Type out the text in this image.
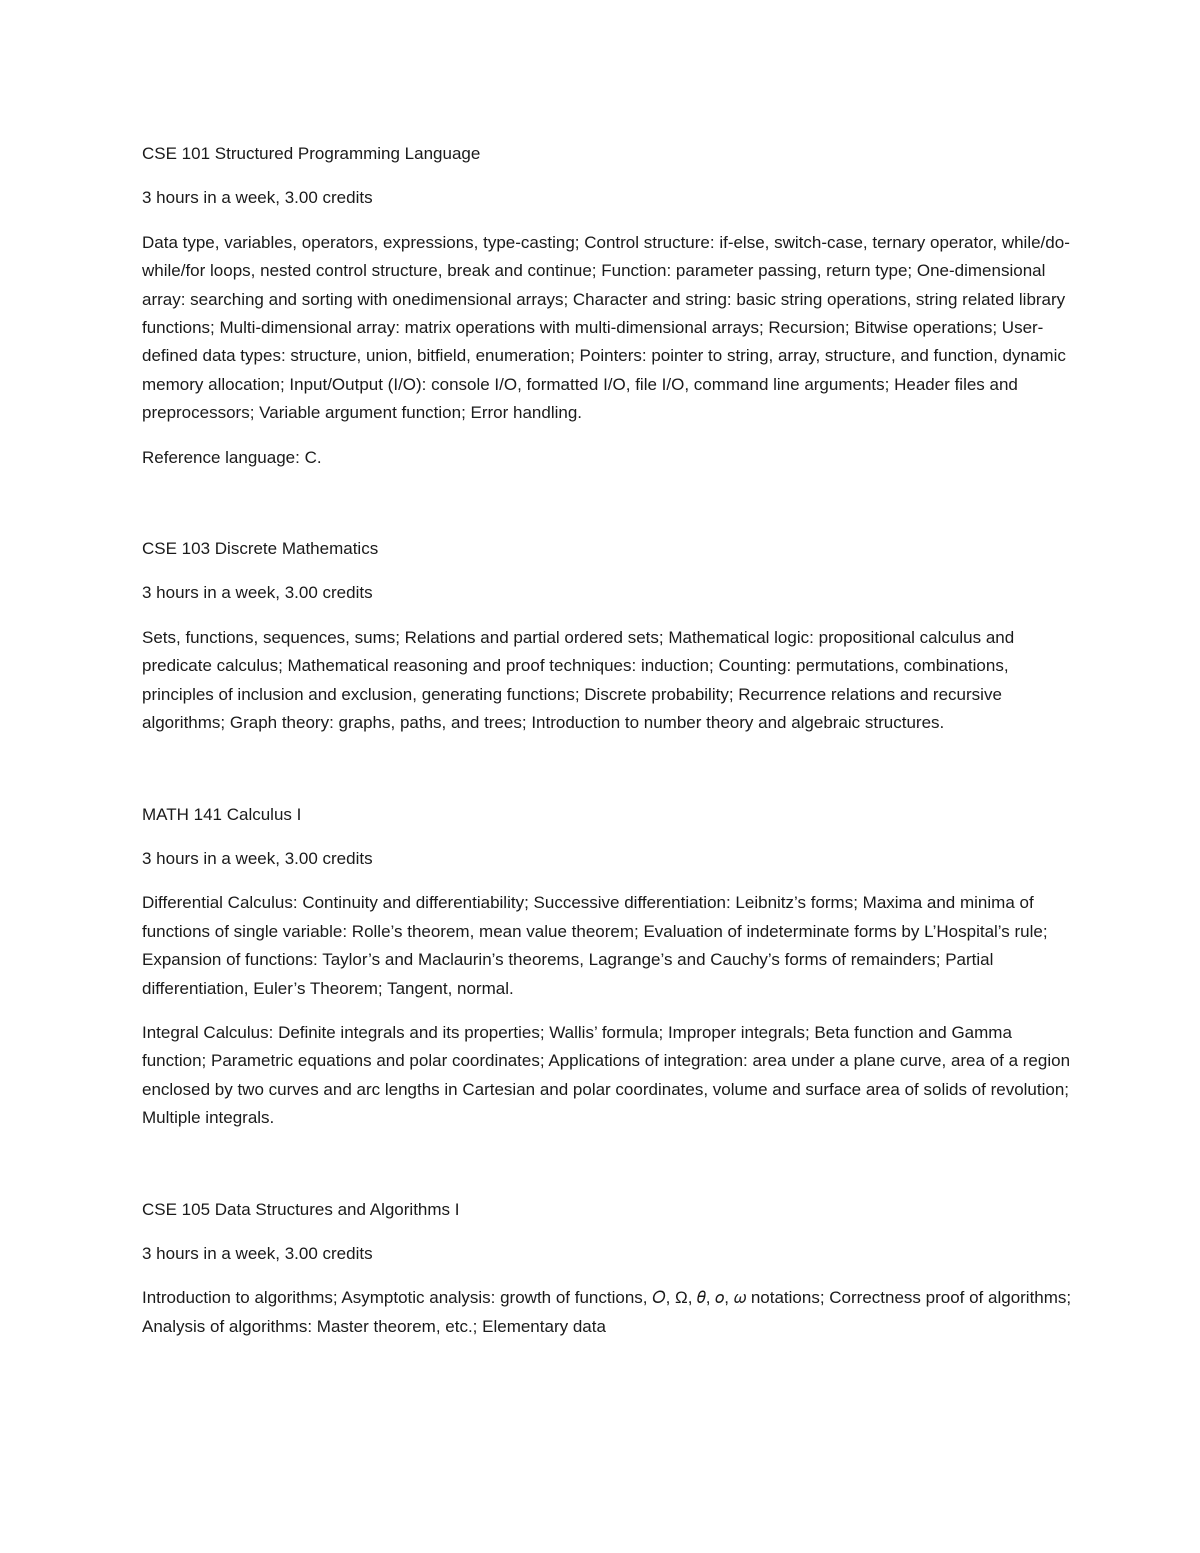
CSE 101 Structured Programming Language

3 hours in a week, 3.00 credits

Data type, variables, operators, expressions, type-casting; Control structure: if-else, switch-case, ternary operator, while/do-while/for loops, nested control structure, break and continue; Function: parameter passing, return type; One-dimensional array: searching and sorting with onedimensional arrays; Character and string: basic string operations, string related library functions; Multi-dimensional array: matrix operations with multi-dimensional arrays; Recursion; Bitwise operations; User-defined data types: structure, union, bitfield, enumeration; Pointers: pointer to string, array, structure, and function, dynamic memory allocation; Input/Output (I/O): console I/O, formatted I/O, file I/O, command line arguments; Header files and preprocessors; Variable argument function; Error handling.

Reference language: C.

CSE 103 Discrete Mathematics

3 hours in a week, 3.00 credits

Sets, functions, sequences, sums; Relations and partial ordered sets; Mathematical logic: propositional calculus and predicate calculus; Mathematical reasoning and proof techniques: induction; Counting: permutations, combinations, principles of inclusion and exclusion, generating functions; Discrete probability; Recurrence relations and recursive algorithms; Graph theory: graphs, paths, and trees; Introduction to number theory and algebraic structures.

MATH 141 Calculus I

3 hours in a week, 3.00 credits

Differential Calculus: Continuity and differentiability; Successive differentiation: Leibnitz’s forms; Maxima and minima of functions of single variable: Rolle’s theorem, mean value theorem; Evaluation of indeterminate forms by L’Hospital’s rule; Expansion of functions: Taylor’s and Maclaurin’s theorems, Lagrange’s and Cauchy’s forms of remainders; Partial differentiation, Euler’s Theorem; Tangent, normal.

Integral Calculus: Definite integrals and its properties; Wallis’ formula; Improper integrals; Beta function and Gamma function; Parametric equations and polar coordinates; Applications of integration: area under a plane curve, area of a region enclosed by two curves and arc lengths in Cartesian and polar coordinates, volume and surface area of solids of revolution; Multiple integrals.

CSE 105 Data Structures and Algorithms I

3 hours in a week, 3.00 credits

Introduction to algorithms; Asymptotic analysis: growth of functions, 𝑂, Ω, 𝜃, 𝑜, 𝜔 notations; Correctness proof of algorithms; Analysis of algorithms: Master theorem, etc.; Elementary data
